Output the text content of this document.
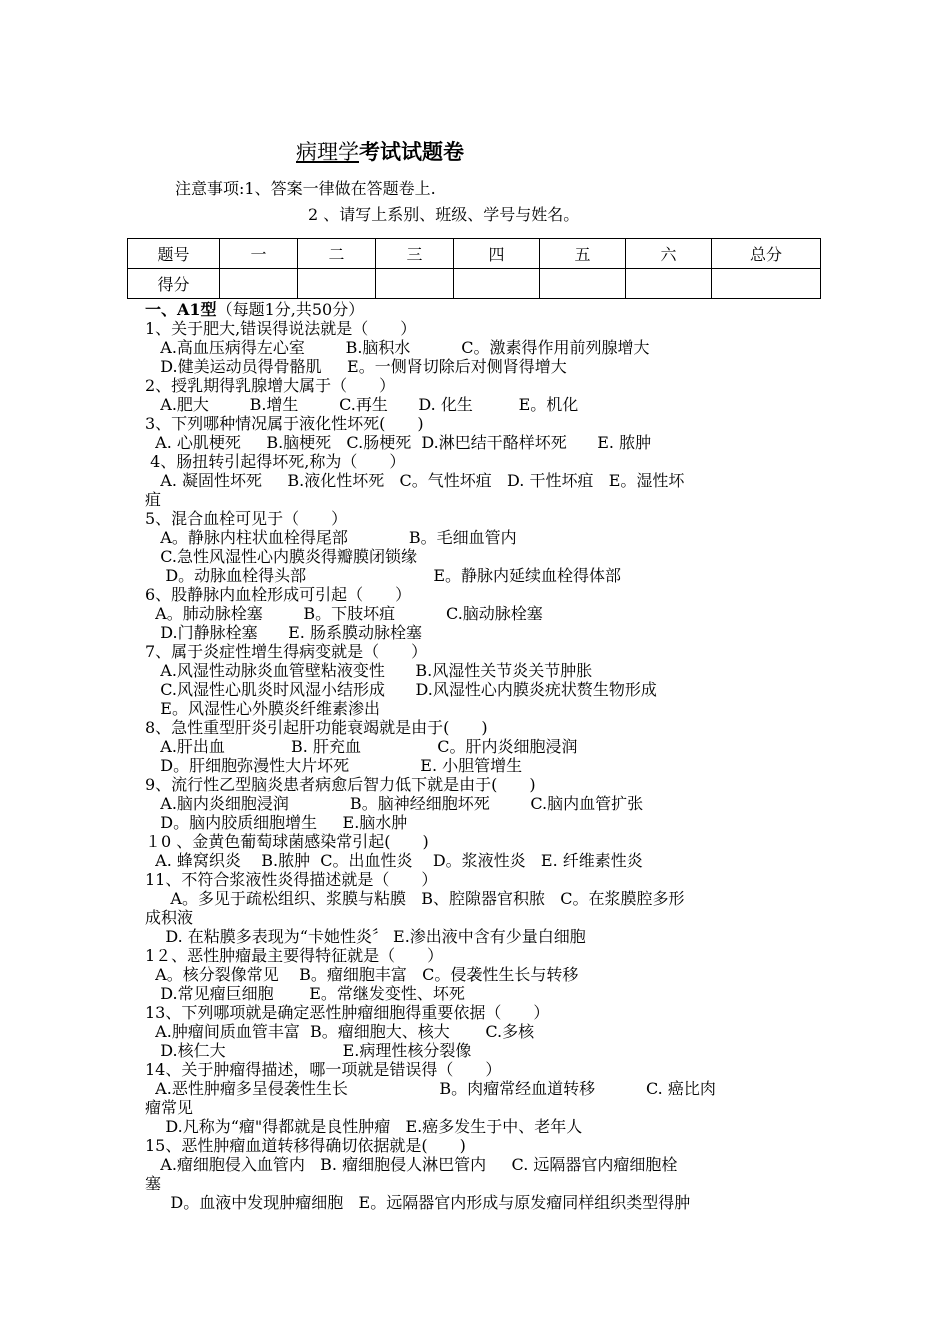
病理学考试试题卷
注意事项:1、答案一律做在答题卷上.
2 、请写上系别、班级、学号与姓名。
题号	一	二	三	四	五	六	总分
得分							
一、A1型（每题1分,共50分）
1、关于肥大,错误得说法就是（　　）
A.高血压病得左心室        B.脑积水          C。激素得作用前列腺增大
D.健美运动员得骨骼肌     E。一侧肾切除后对侧肾得增大
2、授乳期得乳腺增大属于（　　）
A.肥大        B.增生        C.再生      D. 化生         E。机化
3、下列哪种情况属于液化性坏死(　　)
A. 心肌梗死     B.脑梗死   C.肠梗死  D.淋巴结干酪样坏死      E. 脓肿
4、肠扭转引起得坏死,称为（　　）
A. 凝固性坏死     B.液化性坏死   C。气性坏疽   D. 干性坏疽   E。湿性坏
疽
5、混合血栓可见于（　　）
A。静脉内柱状血栓得尾部            B。毛细血管内
C.急性风湿性心内膜炎得瓣膜闭锁缘
D。动脉血栓得头部                         E。静脉内延续血栓得体部
6、股静脉内血栓形成可引起（　　）
A。肺动脉栓塞        B。下肢坏疽          C.脑动脉栓塞
D.门静脉栓塞      E. 肠系膜动脉栓塞
7、属于炎症性增生得病变就是（　　）
A.风湿性动脉炎血管壁粘液变性      B.风湿性关节炎关节肿胀
C.风湿性心肌炎时风湿小结形成      D.风湿性心内膜炎疣状赘生物形成
E。风湿性心外膜炎纤维素渗出
8、急性重型肝炎引起肝功能衰竭就是由于(　　)
A.肝出血             B. 肝充血               C。肝内炎细胞浸润
D。肝细胞弥漫性大片坏死              E. 小胆管增生
9、流行性乙型脑炎患者病愈后智力低下就是由于(　　)
A.脑内炎细胞浸润            B。脑神经细胞坏死        C.脑内血管扩张
D。脑内胶质细胞增生     E.脑水肿
１0 、金黄色葡萄球菌感染常引起(　　)
A. 蜂窝织炎    B.脓肿  C。出血性炎    D。浆液性炎   E. 纤维素性炎
11、不符合浆液性炎得描述就是（　　）
A。多见于疏松组织、浆膜与粘膜   B、腔隙器官积脓   C。在浆膜腔多形
成积液
D. 在粘膜多表现为“卡她性炎〞 E.渗出液中含有少量白细胞
1２、恶性肿瘤最主要得特征就是（　　）
A。核分裂像常见    B。瘤细胞丰富   C。侵袭性生长与转移
D.常见瘤巨细胞       E。常继发变性、坏死
13、下列哪项就是确定恶性肿瘤细胞得重要依据（　　）
A.肿瘤间质血管丰富  B。瘤细胞大、核大       C.多核
D.核仁大                       E.病理性核分裂像
14、关于肿瘤得描述，哪一项就是错误得（　　）
A.恶性肿瘤多呈侵袭性生长                  B。肉瘤常经血道转移          C. 癌比肉
瘤常见
D.凡称为“瘤"得都就是良性肿瘤   E.癌多发生于中、老年人
15、恶性肿瘤血道转移得确切依据就是(　　)
A.瘤细胞侵入血管内   B. 瘤细胞侵人淋巴管内     C. 远隔器官内瘤细胞栓
塞
D。血液中发现肿瘤细胞   E。远隔器官内形成与原发瘤同样组织类型得肿
